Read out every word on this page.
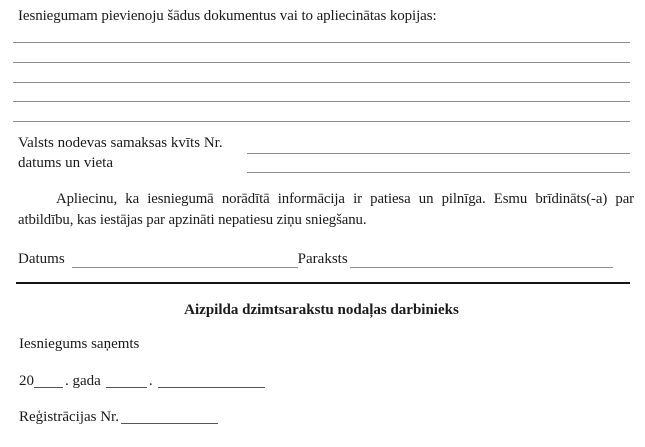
Iesniegumam pievienoju šādus dokumentus vai to apliecinātas kopijas:
Valsts nodevas samaksas kvīts Nr.
datums un vieta
Apliecinu, ka iesniegumā norādītā informācija ir patiesa un pilnīga. Esmu brīdināts(-a) par atbildību, kas iestājas par apzināti nepatiesu ziņu sniegšanu.
Datums	Paraksts
Aizpilda dzimtsarakstu nodaļas darbinieks
Iesniegums saņemts
20 . gada	.
Reģistrācijas Nr.
